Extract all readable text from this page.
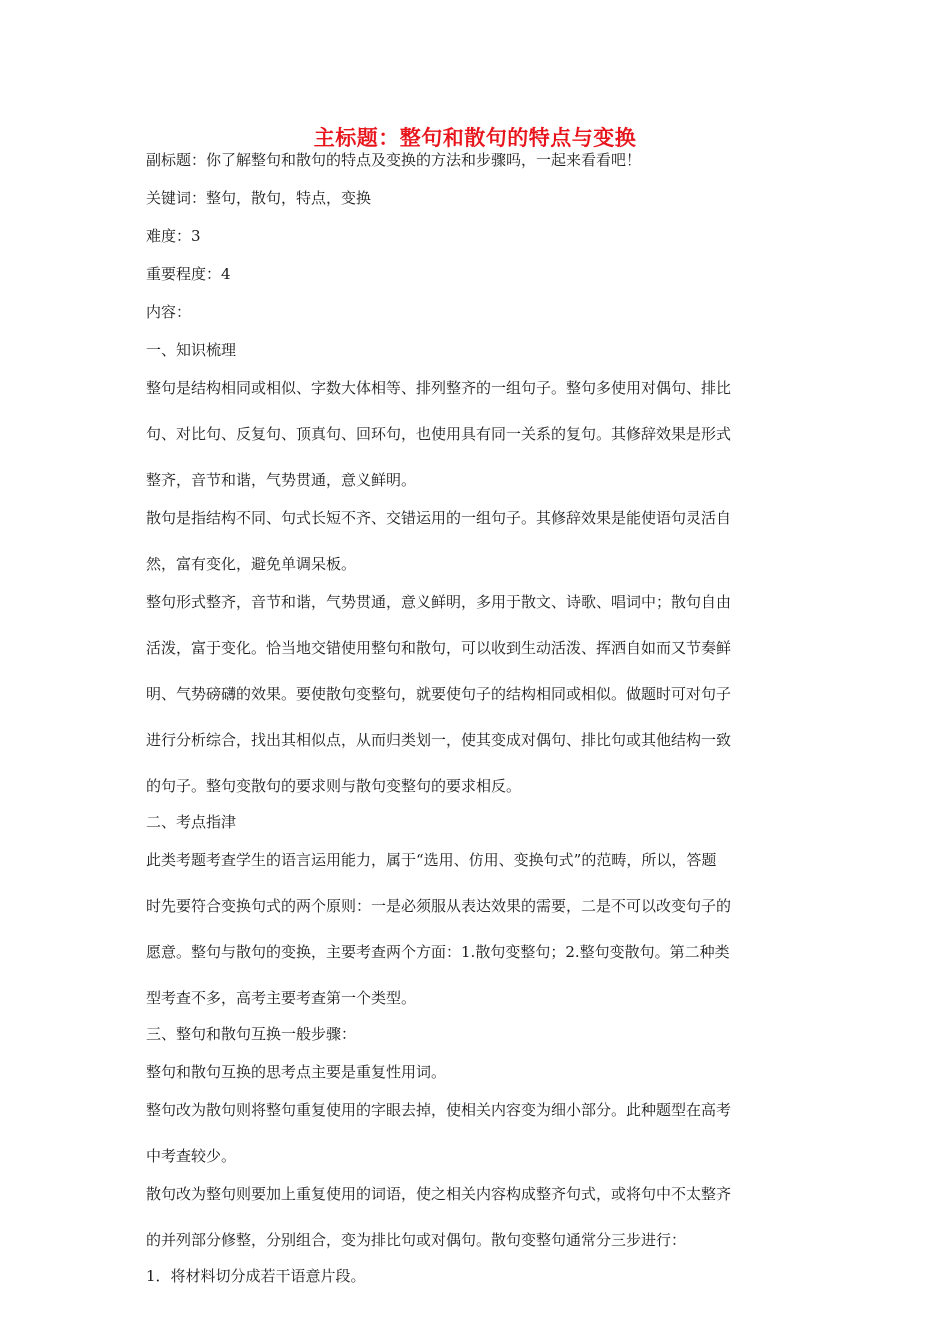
主标题：整句和散句的特点与变换
副标题：你了解整句和散句的特点及变换的方法和步骤吗，一起来看看吧！
关键词：整句，散句，特点，变换
难度：3
重要程度：4
内容：
一、知识梳理
整句是结构相同或相似、字数大体相等、排列整齐的一组句子。整句多使用对偶句、排比
句、对比句、反复句、顶真句、回环句，也使用具有同一关系的复句。其修辞效果是形式
整齐，音节和谐，气势贯通，意义鲜明。
散句是指结构不同、句式长短不齐、交错运用的一组句子。其修辞效果是能使语句灵活自
然，富有变化，避免单调呆板。
整句形式整齐，音节和谐，气势贯通，意义鲜明，多用于散文、诗歌、唱词中；散句自由
活泼，富于变化。恰当地交错使用整句和散句，可以收到生动活泼、挥洒自如而又节奏鲜
明、气势磅礴的效果。要使散句变整句，就要使句子的结构相同或相似。做题时可对句子
进行分析综合，找出其相似点，从而归类划一，使其变成对偶句、排比句或其他结构一致
的句子。整句变散句的要求则与散句变整句的要求相反。
二、考点指津
此类考题考查学生的语言运用能力，属于“选用、仿用、变换句式”的范畴，所以，答题
时先要符合变换句式的两个原则：一是必须服从表达效果的需要，二是不可以改变句子的
愿意。整句与散句的变换，主要考查两个方面：1.散句变整句；2.整句变散句。第二种类
型考查不多，高考主要考查第一个类型。
三、整句和散句互换一般步骤：
整句和散句互换的思考点主要是重复性用词。
整句改为散句则将整句重复使用的字眼去掉，使相关内容变为细小部分。此种题型在高考
中考查较少。
散句改为整句则要加上重复使用的词语，使之相关内容构成整齐句式，或将句中不太整齐
的并列部分修整，分别组合，变为排比句或对偶句。散句变整句通常分三步进行：
1．将材料切分成若干语意片段。
